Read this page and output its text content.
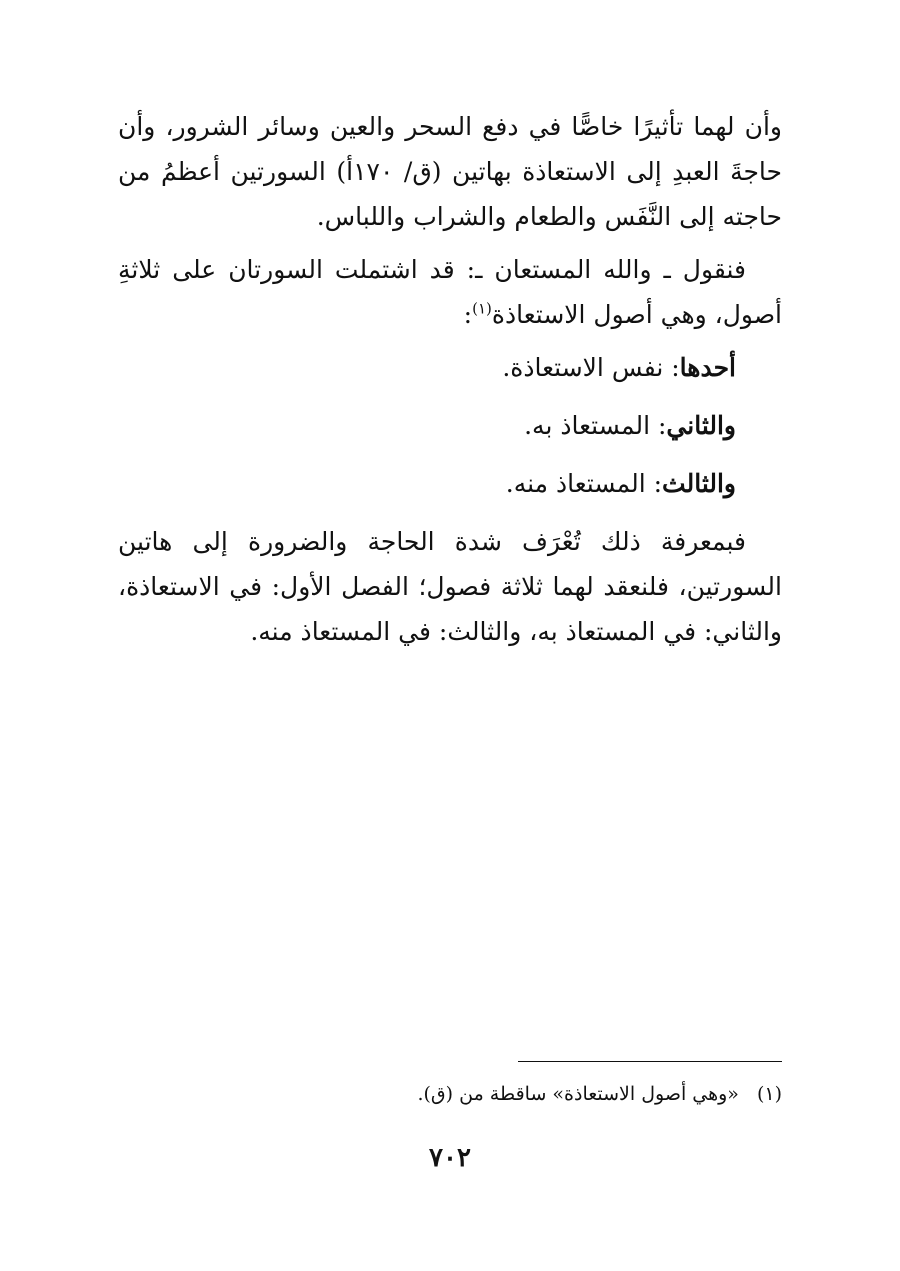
وأن لهما تأثيرًا خاصًّا في دفع السحر والعين وسائر الشرور، وأن حاجةَ العبدِ إلى الاستعاذة بهاتين (ق/ ١٧٠أ) السورتين أعظمُ من حاجته إلى النَّفَس والطعام والشراب واللباس.

فنقول ـ والله المستعان ـ: قد اشتملت السورتان على ثلاثةِ أصول، وهي أصول الاستعاذة$^{(١)}$:

أحدها: نفس الاستعاذة.

والثاني: المستعاذ به.

والثالث: المستعاذ منه.

فبمعرفة ذلك تُعْرَف شدة الحاجة والضرورة إلى هاتين السورتين، فلنعقد لهما ثلاثة فصول؛ الفصل الأول: في الاستعاذة، والثاني: في المستعاذ به، والثالث: في المستعاذ منه.

(١)«وهي أصول الاستعاذة» ساقطة من (ق).
٧٠٢
